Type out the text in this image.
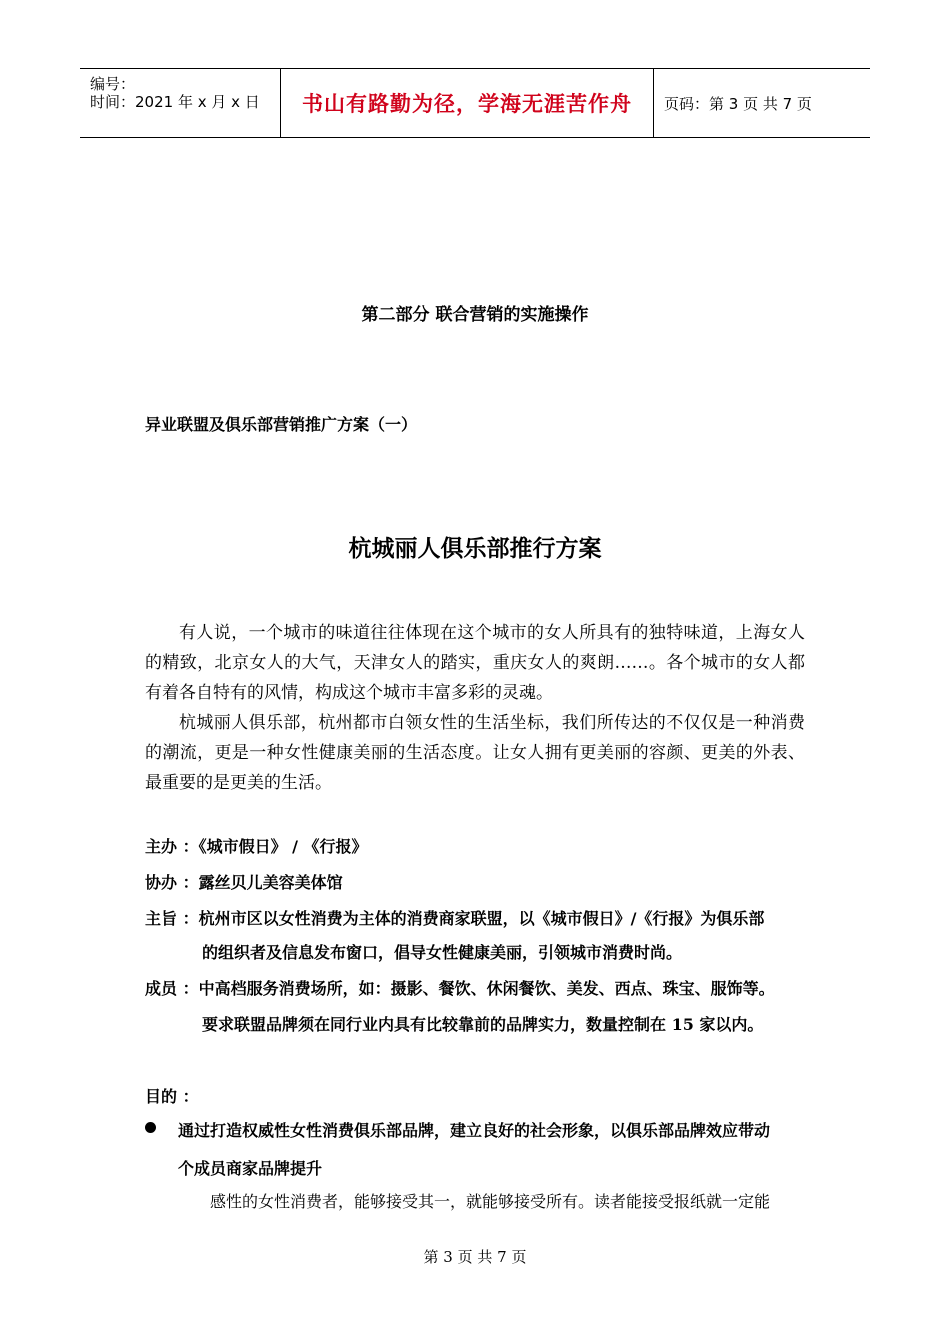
编号：
时间：2021 年 x 月 x 日 书山有路勤为径，学海无涯苦作舟	页码：第 3 页 共 7 页
第二部分 联合营销的实施操作
异业联盟及俱乐部营销推广方案（一）
杭城丽人俱乐部推行方案

有人说，一个城市的味道往往体现在这个城市的女人所具有的独特味道，上海女人的精致，北京女人的大气，天津女人的踏实，重庆女人的爽朗……。各个城市的女人都有着各自特有的风情，构成这个城市丰富多彩的灵魂。

杭城丽人俱乐部，杭州都市白领女性的生活坐标，我们所传达的不仅仅是一种消费的潮流，更是一种女性健康美丽的生活态度。让女人拥有更美丽的容颜、更美的外表、最重要的是更美的生活。

主办 ：《城市假日》 / 《行报》
协办 ：露丝贝儿美容美体馆
主旨 ：杭州市区以女性消费为主体的消费商家联盟，以《城市假日》/《行报》为俱乐部
的组织者及信息发布窗口，倡导女性健康美丽，引领城市消费时尚。
成员 ：中高档服务消费场所，如：摄影、餐饮、休闲餐饮、美发、西点、珠宝、服饰等。
要求联盟品牌须在同行业内具有比较靠前的品牌实力，数量控制在 15 家以内。
目的 ：
通过打造权威性女性消费俱乐部品牌，建立良好的社会形象，以俱乐部品牌效应带动
个成员商家品牌提升
感性的女性消费者，能够接受其一，就能够接受所有。读者能接受报纸就一定能
第 3 页 共 7 页
